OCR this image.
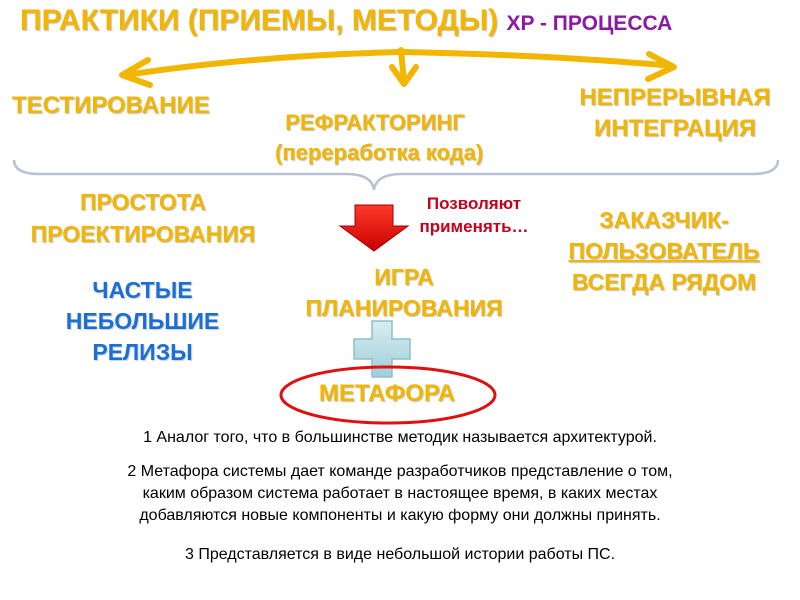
ПРАКТИКИ (ПРИЕМЫ, МЕТОДЫ) XP - ПРОЦЕССА

ТЕСТИРОВАНИЕ

РЕФРАКТОРИНГ
(переработка кода)
НЕПРЕРЫВНАЯ
ИНТЕГРАЦИЯ
ПРОСТОТА
ПРОЕКТИРОВАНИЯ
Позволяют
применять…	ЗАКАЗЧИК-
ПОЛЬЗОВАТЕЛЬ
ВСЕГДА РЯДОМ
ЧАСТЫЕ
НЕБОЛЬШИЕ
РЕЛИЗЫ
ИГРА
ПЛАНИРОВАНИЯ

МЕТАФОРА

1 Аналог того, что в большинстве методик называется архитектурой.

2 Метафора системы дает команде разработчиков представление о том,
каким образом система работает в настоящее время, в каких местах
добавляются новые компоненты и какую форму они должны принять.

3 Представляется в виде небольшой истории работы ПС.
